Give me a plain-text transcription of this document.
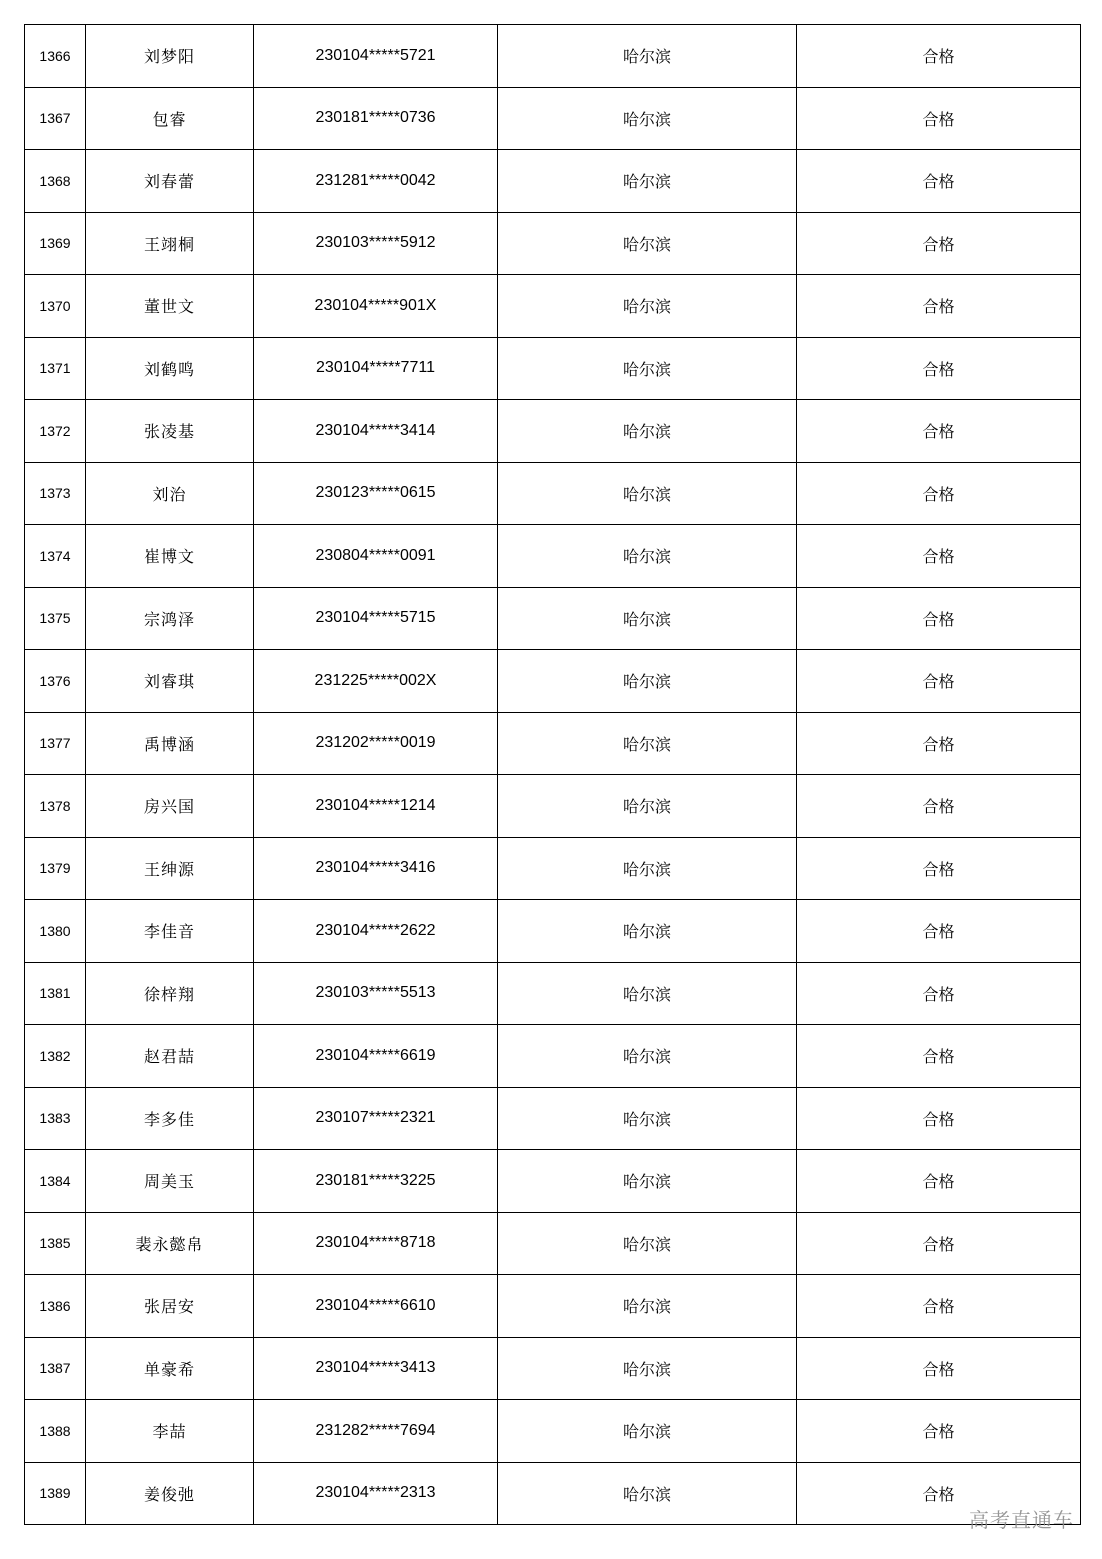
1366	刘梦阳	230104*****5721	哈尔滨	合格
1367	包睿	230181*****0736	哈尔滨	合格
1368	刘春蕾	231281*****0042	哈尔滨	合格
1369	王翊桐	230103*****5912	哈尔滨	合格
1370	董世文	230104*****901X	哈尔滨	合格
1371	刘鹤鸣	230104*****7711	哈尔滨	合格
1372	张凌基	230104*****3414	哈尔滨	合格
1373	刘治	230123*****0615	哈尔滨	合格
1374	崔博文	230804*****0091	哈尔滨	合格
1375	宗鸿泽	230104*****5715	哈尔滨	合格
1376	刘睿琪	231225*****002X	哈尔滨	合格
1377	禹博涵	231202*****0019	哈尔滨	合格
1378	房兴国	230104*****1214	哈尔滨	合格
1379	王绅源	230104*****3416	哈尔滨	合格
1380	李佳音	230104*****2622	哈尔滨	合格
1381	徐梓翔	230103*****5513	哈尔滨	合格
1382	赵君喆	230104*****6619	哈尔滨	合格
1383	李多佳	230107*****2321	哈尔滨	合格
1384	周美玉	230181*****3225	哈尔滨	合格
1385	裴永懿帛	230104*****8718	哈尔滨	合格
1386	张居安	230104*****6610	哈尔滨	合格
1387	单豪希	230104*****3413	哈尔滨	合格
1388	李喆	231282*****7694	哈尔滨	合格
1389	姜俊弛	230104*****2313	哈尔滨	合格
高考直通车
